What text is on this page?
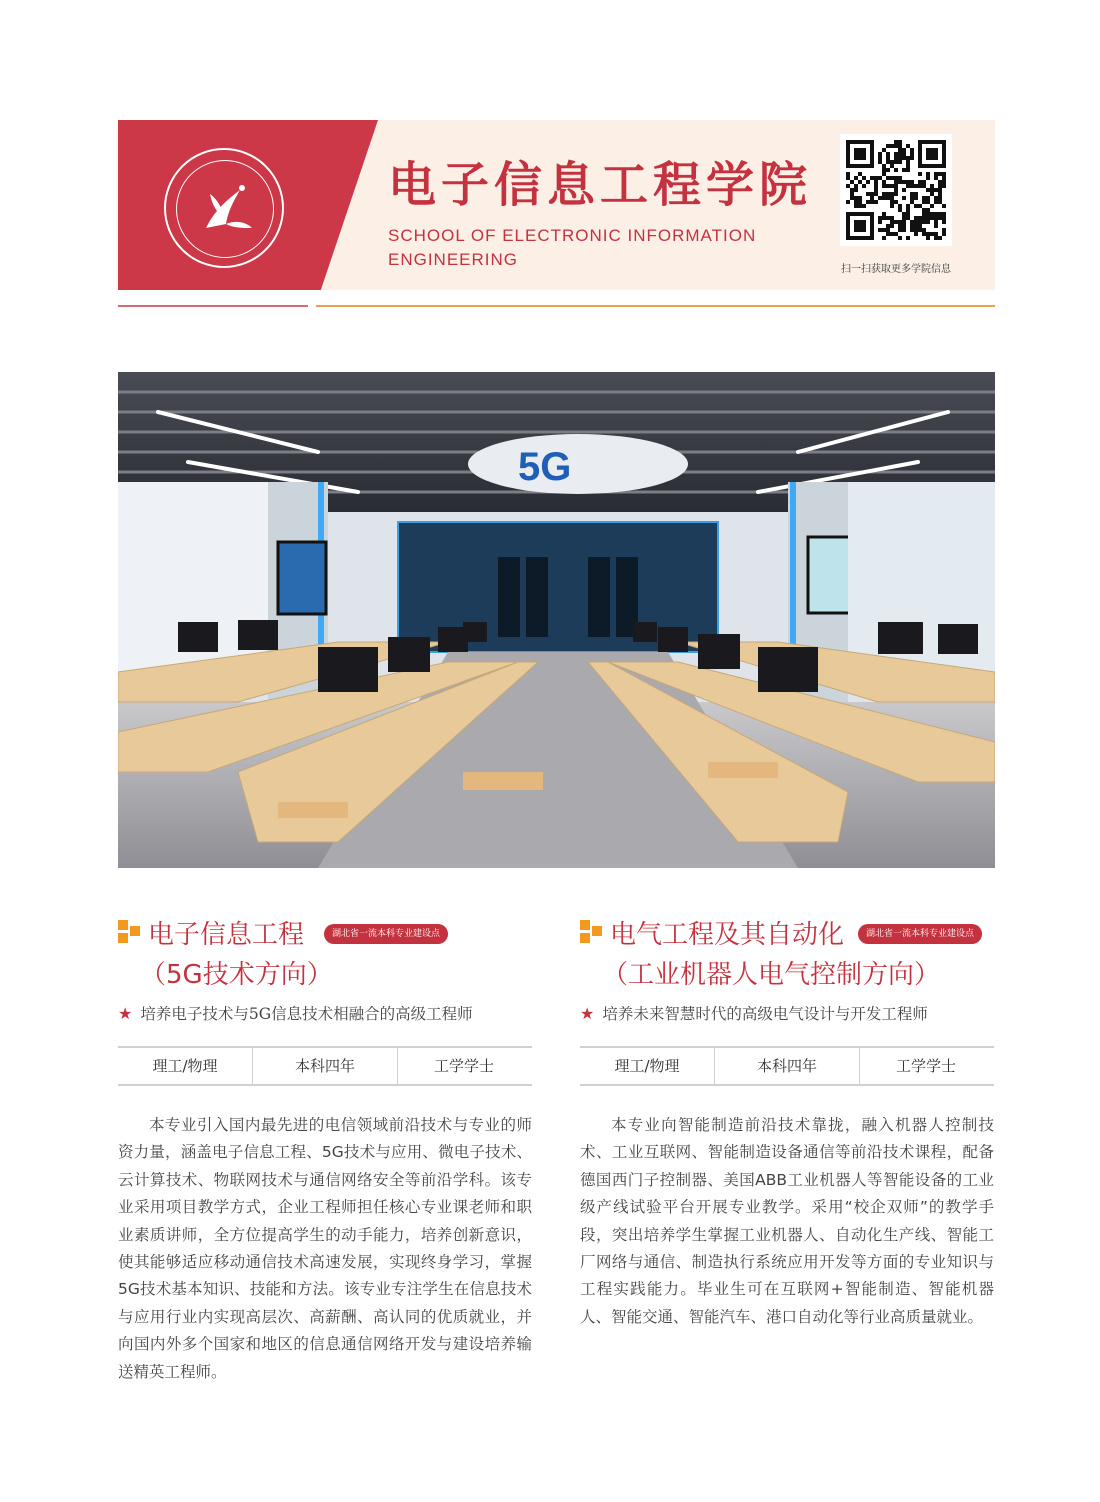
电子信息工程学院
SCHOOL OF ELECTRONIC INFORMATION ENGINEERING
扫一扫获取更多学院信息
5G
电子信息工程	湖北省一流本科专业建设点
（5G技术方向）
★ 培养电子技术与5G信息技术相融合的高级工程师
理工/物理	本科四年	工学学士
本专业引入国内最先进的电信领域前沿技术与专业的师资力量，涵盖电子信息工程、5G技术与应用、微电子技术、云计算技术、物联网技术与通信网络安全等前沿学科。该专业采用项目教学方式，企业工程师担任核心专业课老师和职业素质讲师，全方位提高学生的动手能力，培养创新意识，使其能够适应移动通信技术高速发展，实现终身学习，掌握5G技术基本知识、技能和方法。该专业专注学生在信息技术与应用行业内实现高层次、高薪酬、高认同的优质就业，并向国内外多个国家和地区的信息通信网络开发与建设培养输送精英工程师。
电气工程及其自动化	湖北省一流本科专业建设点
（工业机器人电气控制方向）
★ 培养未来智慧时代的高级电气设计与开发工程师
理工/物理	本科四年	工学学士
本专业向智能制造前沿技术靠拢，融入机器人控制技术、工业互联网、智能制造设备通信等前沿技术课程，配备德国西门子控制器、美国ABB工业机器人等智能设备的工业级产线试验平台开展专业教学。采用“校企双师”的教学手段，突出培养学生掌握工业机器人、自动化生产线、智能工厂网络与通信、制造执行系统应用开发等方面的专业知识与工程实践能力。毕业生可在互联网+智能制造、智能机器人、智能交通、智能汽车、港口自动化等行业高质量就业。
